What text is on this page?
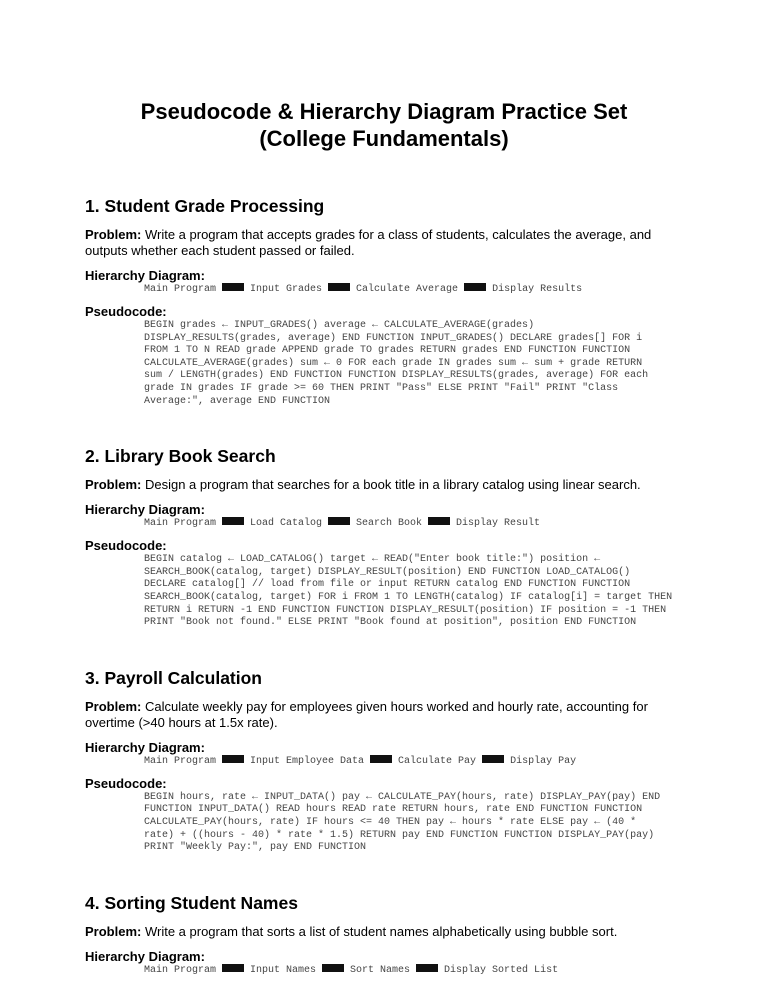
Pseudocode & Hierarchy Diagram Practice Set
(College Fundamentals)
1. Student Grade Processing

Problem: Write a program that accepts grades for a class of students, calculates the average, and outputs whether each student passed or failed.

Hierarchy Diagram:

Main Program	Input Grades	Calculate Average	Display Results

Pseudocode:

BEGIN grades ← INPUT_GRADES() average ← CALCULATE_AVERAGE(grades)
DISPLAY_RESULTS(grades, average) END FUNCTION INPUT_GRADES() DECLARE grades[] FOR i
FROM 1 TO N READ grade APPEND grade TO grades RETURN grades END FUNCTION FUNCTION
CALCULATE_AVERAGE(grades) sum ← 0 FOR each grade IN grades sum ← sum + grade RETURN
sum / LENGTH(grades) END FUNCTION FUNCTION DISPLAY_RESULTS(grades, average) FOR each
grade IN grades IF grade >= 60 THEN PRINT "Pass" ELSE PRINT "Fail" PRINT "Class
Average:", average END FUNCTION
2. Library Book Search

Problem: Design a program that searches for a book title in a library catalog using linear search.

Hierarchy Diagram:

Main Program	Load Catalog	Search Book	Display Result

Pseudocode:

BEGIN catalog ← LOAD_CATALOG() target ← READ("Enter book title:") position ←
SEARCH_BOOK(catalog, target) DISPLAY_RESULT(position) END FUNCTION LOAD_CATALOG()
DECLARE catalog[] // load from file or input RETURN catalog END FUNCTION FUNCTION
SEARCH_BOOK(catalog, target) FOR i FROM 1 TO LENGTH(catalog) IF catalog[i] = target THEN
RETURN i RETURN -1 END FUNCTION FUNCTION DISPLAY_RESULT(position) IF position = -1 THEN
PRINT "Book not found." ELSE PRINT "Book found at position", position END FUNCTION
3. Payroll Calculation

Problem: Calculate weekly pay for employees given hours worked and hourly rate, accounting for overtime (>40 hours at 1.5x rate).

Hierarchy Diagram:

Main Program	Input Employee Data	Calculate Pay	Display Pay

Pseudocode:

BEGIN hours, rate ← INPUT_DATA() pay ← CALCULATE_PAY(hours, rate) DISPLAY_PAY(pay) END
FUNCTION INPUT_DATA() READ hours READ rate RETURN hours, rate END FUNCTION FUNCTION
CALCULATE_PAY(hours, rate) IF hours <= 40 THEN pay ← hours * rate ELSE pay ← (40 *
rate) + ((hours - 40) * rate * 1.5) RETURN pay END FUNCTION FUNCTION DISPLAY_PAY(pay)
PRINT "Weekly Pay:", pay END FUNCTION
4. Sorting Student Names

Problem: Write a program that sorts a list of student names alphabetically using bubble sort.

Hierarchy Diagram:

Main Program	Input Names	Sort Names	Display Sorted List
